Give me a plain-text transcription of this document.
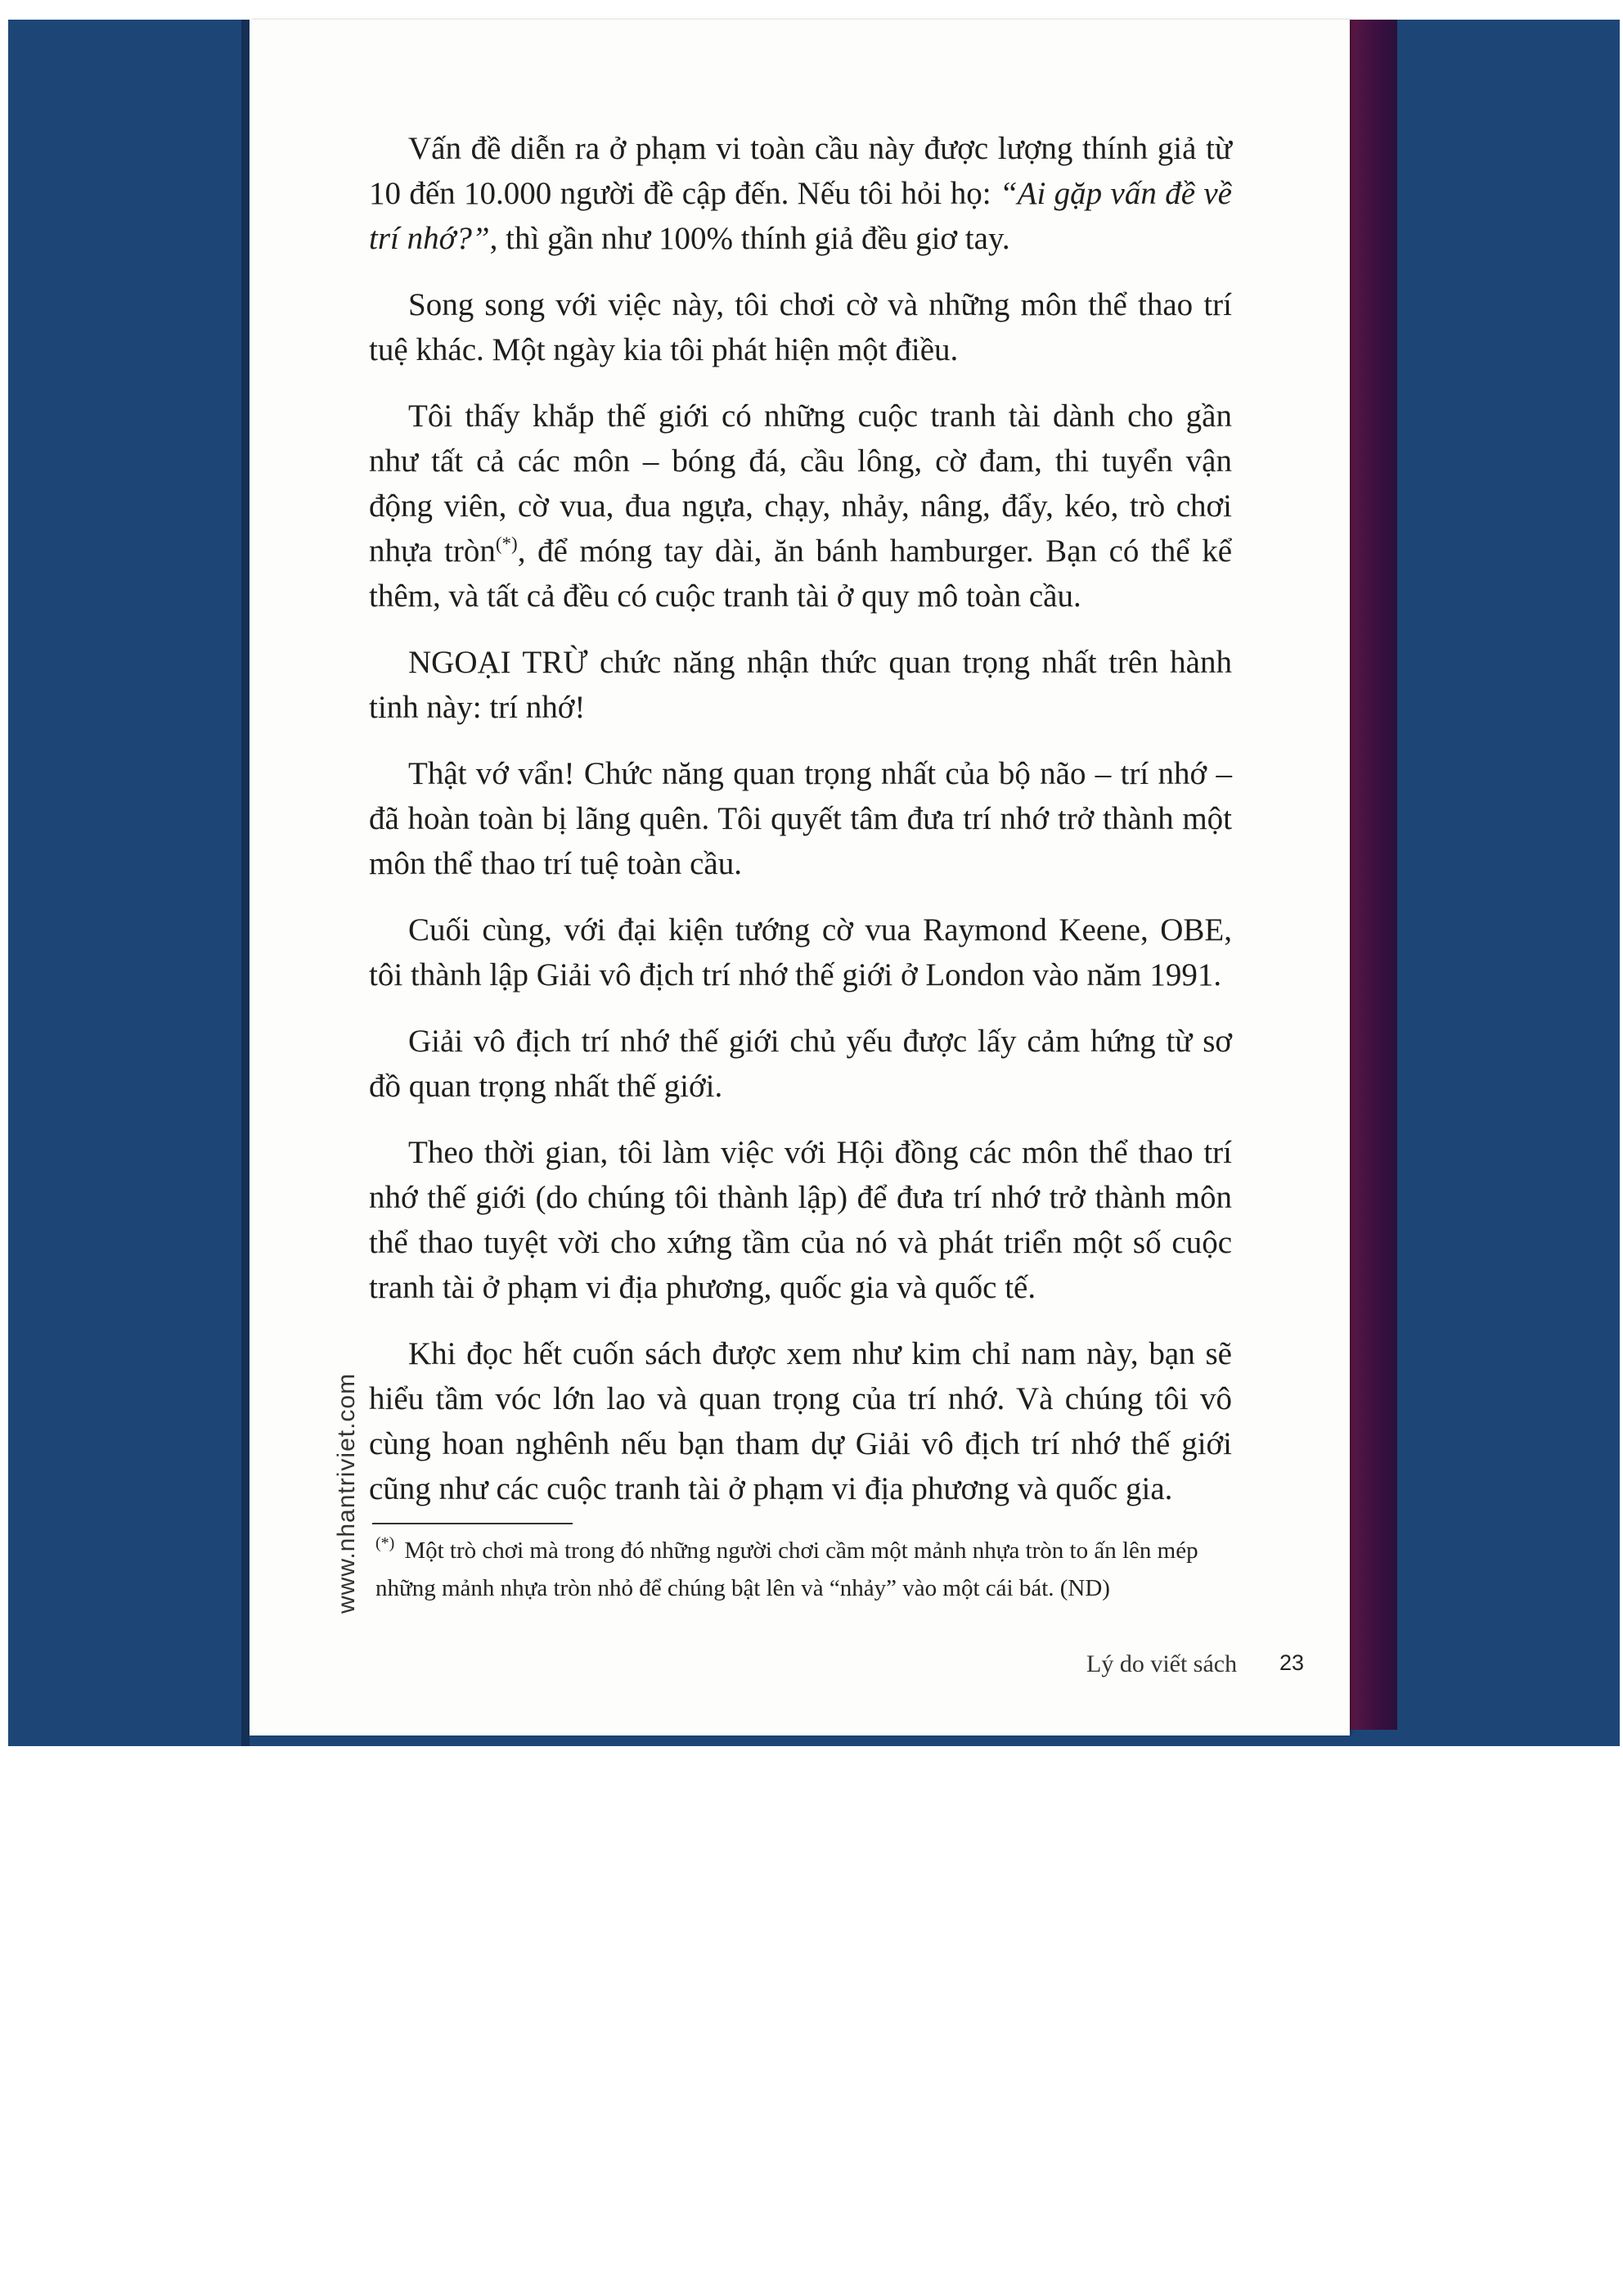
Vấn đề diễn ra ở phạm vi toàn cầu này được lượng thính giả từ 10 đến 10.000 người đề cập đến. Nếu tôi hỏi họ: “Ai gặp vấn đề về trí nhớ?”, thì gần như 100% thính giả đều giơ tay.

Song song với việc này, tôi chơi cờ và những môn thể thao trí tuệ khác. Một ngày kia tôi phát hiện một điều.

Tôi thấy khắp thế giới có những cuộc tranh tài dành cho gần như tất cả các môn – bóng đá, cầu lông, cờ đam, thi tuyển vận động viên, cờ vua, đua ngựa, chạy, nhảy, nâng, đẩy, kéo, trò chơi nhựa tròn(*), để móng tay dài, ăn bánh hamburger. Bạn có thể kể thêm, và tất cả đều có cuộc tranh tài ở quy mô toàn cầu.

NGOẠI TRỪ chức năng nhận thức quan trọng nhất trên hành tinh này: trí nhớ!

Thật vớ vẩn! Chức năng quan trọng nhất của bộ não – trí nhớ – đã hoàn toàn bị lãng quên. Tôi quyết tâm đưa trí nhớ trở thành một môn thể thao trí tuệ toàn cầu.

Cuối cùng, với đại kiện tướng cờ vua Raymond Keene, OBE, tôi thành lập Giải vô địch trí nhớ thế giới ở London vào năm 1991.

Giải vô địch trí nhớ thế giới chủ yếu được lấy cảm hứng từ sơ đồ quan trọng nhất thế giới.

Theo thời gian, tôi làm việc với Hội đồng các môn thể thao trí nhớ thế giới (do chúng tôi thành lập) để đưa trí nhớ trở thành môn thể thao tuyệt vời cho xứng tầm của nó và phát triển một số cuộc tranh tài ở phạm vi địa phương, quốc gia và quốc tế.

Khi đọc hết cuốn sách được xem như kim chỉ nam này, bạn sẽ hiểu tầm vóc lớn lao và quan trọng của trí nhớ. Và chúng tôi vô cùng hoan nghênh nếu bạn tham dự Giải vô địch trí nhớ thế giới cũng như các cuộc tranh tài ở phạm vi địa phương và quốc gia.

(*) Một trò chơi mà trong đó những người chơi cầm một mảnh nhựa tròn to ấn lên mép những mảnh nhựa tròn nhỏ để chúng bật lên và “nhảy” vào một cái bát. (ND)
Lý do viết sách 23
www.nhantriviet.com
